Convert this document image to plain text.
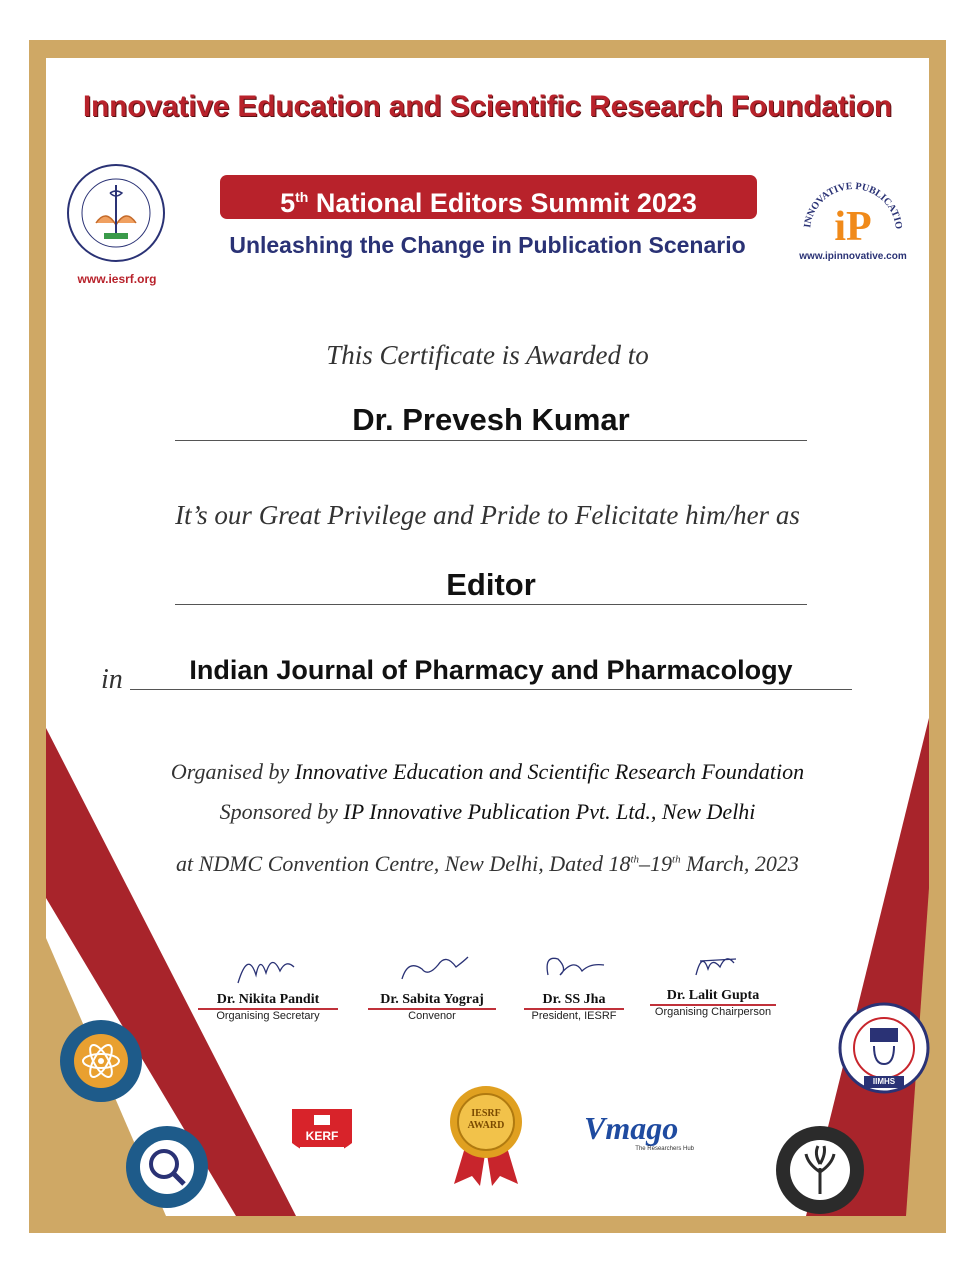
Innovative Education and Scientific Research Foundation
www.iesrf.org
5th National Editors Summit 2023
Unleashing the Change in Publication Scenario
INNOVATIVE PUBLICATIO
iP
www.ipinnovative.com
This Certificate is Awarded to
Dr. Prevesh Kumar
It’s our Great Privilege and Pride to Felicitate him/her as
Editor
in	Indian Journal of Pharmacy and Pharmacology
Organised by Innovative Education and Scientific Research Foundation
Sponsored by IP Innovative Publication Pvt. Ltd., New Delhi
at NDMC Convention Centre, New Delhi, Dated 18th–19th March, 2023
Dr. Nikita Pandit
Organising Secretary
Dr. Sabita Yograj
Convenor
Dr. SS Jha
President, IESRF
Dr. Lalit Gupta
Organising Chairperson
KERF
IESRF
AWARD	Vmago
The Researchers Hub
IIMHS
